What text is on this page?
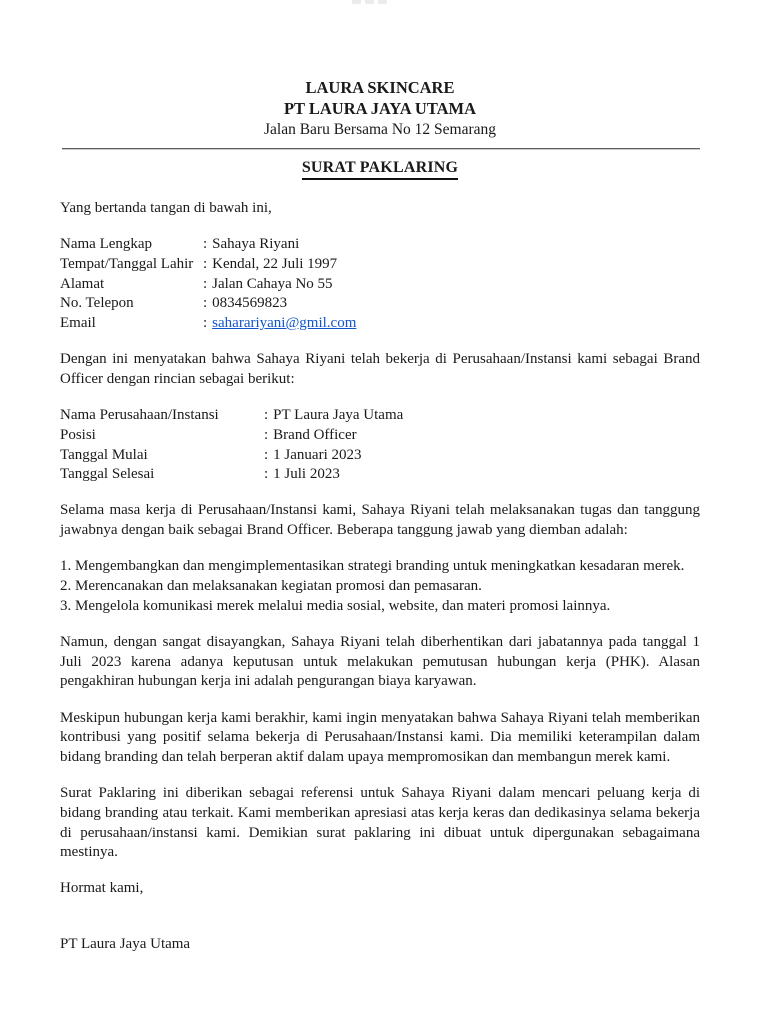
LAURA SKINCARE
PT LAURA JAYA UTAMA
Jalan Baru Bersama No 12 Semarang
SURAT PAKLARING
Yang bertanda tangan di bawah ini,
Nama Lengkap	: Sahaya Riyani
Tempat/Tanggal Lahir : Kendal, 22 Juli 1997
Alamat	: Jalan Cahaya No 55
No. Telepon	: 0834569823
Email	: saharariyani@gmil.com
Dengan ini menyatakan bahwa Sahaya Riyani telah bekerja di Perusahaan/Instansi kami sebagai Brand Officer dengan rincian sebagai berikut:
Nama Perusahaan/Instansi	: PT Laura Jaya Utama
Posisi	: Brand Officer
Tanggal Mulai	: 1 Januari 2023
Tanggal Selesai	: 1 Juli 2023
Selama masa kerja di Perusahaan/Instansi kami, Sahaya Riyani telah melaksanakan tugas dan tanggung jawabnya dengan baik sebagai Brand Officer. Beberapa tanggung jawab yang diemban adalah:
1. Mengembangkan dan mengimplementasikan strategi branding untuk meningkatkan kesadaran merek.
2. Merencanakan dan melaksanakan kegiatan promosi dan pemasaran.
3. Mengelola komunikasi merek melalui media sosial, website, dan materi promosi lainnya.
Namun, dengan sangat disayangkan, Sahaya Riyani telah diberhentikan dari jabatannya pada tanggal 1 Juli 2023 karena adanya keputusan untuk melakukan pemutusan hubungan kerja (PHK). Alasan pengakhiran hubungan kerja ini adalah pengurangan biaya karyawan.
Meskipun hubungan kerja kami berakhir, kami ingin menyatakan bahwa Sahaya Riyani telah memberikan kontribusi yang positif selama bekerja di Perusahaan/Instansi kami. Dia memiliki keterampilan dalam bidang branding dan telah berperan aktif dalam upaya mempromosikan dan membangun merek kami.
Surat Paklaring ini diberikan sebagai referensi untuk Sahaya Riyani dalam mencari peluang kerja di bidang branding atau terkait. Kami memberikan apresiasi atas kerja keras dan dedikasinya selama bekerja di perusahaan/instansi kami. Demikian surat paklaring ini dibuat untuk dipergunakan sebagaimana mestinya.
Hormat kami,
PT Laura Jaya Utama
